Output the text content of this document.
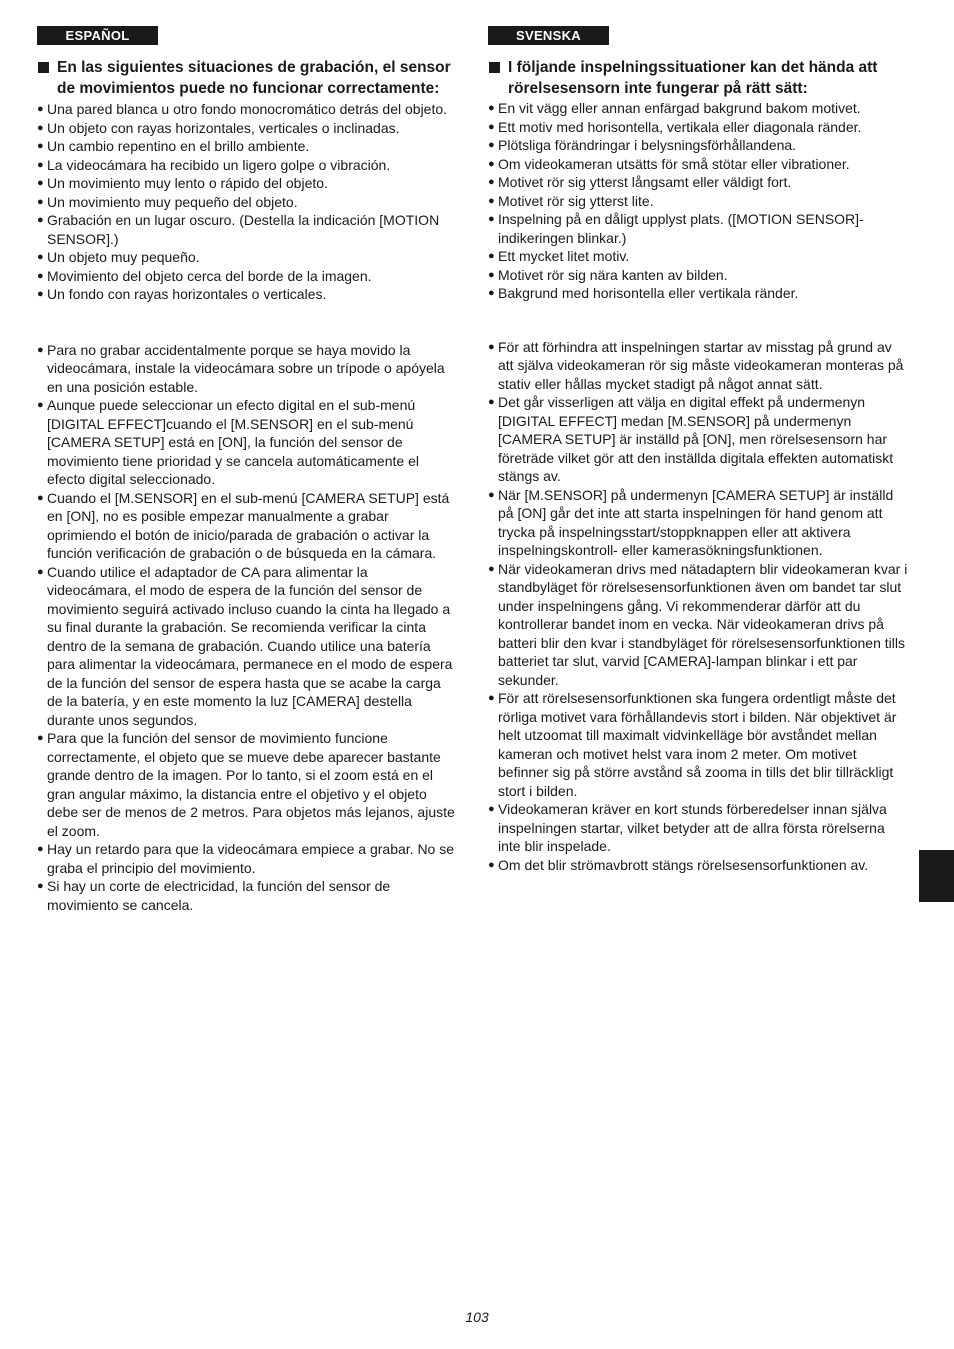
ESPAÑOL
En las siguientes situaciones de grabación, el sensor de movimientos puede no funcionar correctamente:
● Una pared blanca u otro fondo monocromático detrás del objeto.
● Un objeto con rayas horizontales, verticales o inclinadas.
● Un cambio repentino en el brillo ambiente.
● La videocámara ha recibido un ligero golpe o vibración.
● Un movimiento muy lento o rápido del objeto.
● Un movimiento muy pequeño del objeto.
● Grabación en un lugar oscuro. (Destella la indicación [MOTION SENSOR].)
● Un objeto muy pequeño.
● Movimiento del objeto cerca del borde de la imagen.
● Un fondo con rayas horizontales o verticales.
● Para no grabar accidentalmente porque se haya movido la videocámara, instale la videocámara sobre un trípode o apóyela en una posición estable.
● Aunque puede seleccionar un efecto digital en el sub-menú [DIGITAL EFFECT]cuando el [M.SENSOR] en el sub-menú [CAMERA SETUP] está en [ON], la función del sensor de movimiento tiene prioridad y se cancela automáticamente el efecto digital seleccionado.
● Cuando el [M.SENSOR] en el sub-menú [CAMERA SETUP] está en [ON], no es posible empezar manualmente a grabar oprimiendo el botón de inicio/parada de grabación o activar la función verificación de grabación o de búsqueda en la cámara.
● Cuando utilice el adaptador de CA para alimentar la videocámara, el modo de espera de la función del sensor de movimiento seguirá activado incluso cuando la cinta ha llegado a su final durante la grabación. Se recomienda verificar la cinta dentro de la semana de grabación. Cuando utilice una batería para alimentar la videocámara, permanece en el modo de espera de la función del sensor de espera hasta que se acabe la carga de la batería, y en este momento la luz [CAMERA] destella durante unos segundos.
● Para que la función del sensor de movimiento funcione correctamente, el objeto que se mueve debe aparecer bastante grande dentro de la imagen. Por lo tanto, si el zoom está en el gran angular máximo, la distancia entre el objetivo y el objeto debe ser de menos de 2 metros. Para objetos más lejanos, ajuste el zoom.
● Hay un retardo para que la videocámara empiece a grabar. No se graba el principio del movimiento.
● Si hay un corte de electricidad, la función del sensor de movimiento se cancela.
SVENSKA
I följande inspelningssituationer kan det hända att rörelsesensorn inte fungerar på rätt sätt:
● En vit vägg eller annan enfärgad bakgrund bakom motivet.
● Ett motiv med horisontella, vertikala eller diagonala ränder.
● Plötsliga förändringar i belysningsförhållandena.
● Om videokameran utsätts för små stötar eller vibrationer.
● Motivet rör sig ytterst långsamt eller väldigt fort.
● Motivet rör sig ytterst lite.
● Inspelning på en dåligt upplyst plats. ([MOTION SENSOR]-indikeringen blinkar.)
● Ett mycket litet motiv.
● Motivet rör sig nära kanten av bilden.
● Bakgrund med horisontella eller vertikala ränder.
● För att förhindra att inspelningen startar av misstag på grund av att själva videokameran rör sig måste videokameran monteras på stativ eller hållas mycket stadigt på något annat sätt.
● Det går visserligen att välja en digital effekt på undermenyn [DIGITAL EFFECT] medan [M.SENSOR] på undermenyn [CAMERA SETUP] är inställd på [ON], men rörelsesensorn har företräde vilket gör att den inställda digitala effekten automatiskt stängs av.
● När [M.SENSOR] på undermenyn [CAMERA SETUP] är inställd på [ON] går det inte att starta inspelningen för hand genom att trycka på inspelningsstart/stoppknappen eller att aktivera inspelningskontroll- eller kamerasökningsfunktionen.
● När videokameran drivs med nätadaptern blir videokameran kvar i standbyläget för rörelsesensorfunktionen även om bandet tar slut under inspelningens gång. Vi rekommenderar därför att du kontrollerar bandet inom en vecka. När videokameran drivs på batteri blir den kvar i standbyläget för rörelsesensorfunktionen tills batteriet tar slut, varvid [CAMERA]-lampan blinkar i ett par sekunder.
● För att rörelsesensorfunktionen ska fungera ordentligt måste det rörliga motivet vara förhållandevis stort i bilden. När objektivet är helt utzoomat till maximalt vidvinkelläge bör avståndet mellan kameran och motivet helst vara inom 2 meter. Om motivet befinner sig på större avstånd så zooma in tills det blir tillräckligt stort i bilden.
● Videokameran kräver en kort stunds förberedelser innan själva inspelningen startar, vilket betyder att de allra första rörelserna inte blir inspelade.
● Om det blir strömavbrott stängs rörelsesensorfunktionen av.
103
